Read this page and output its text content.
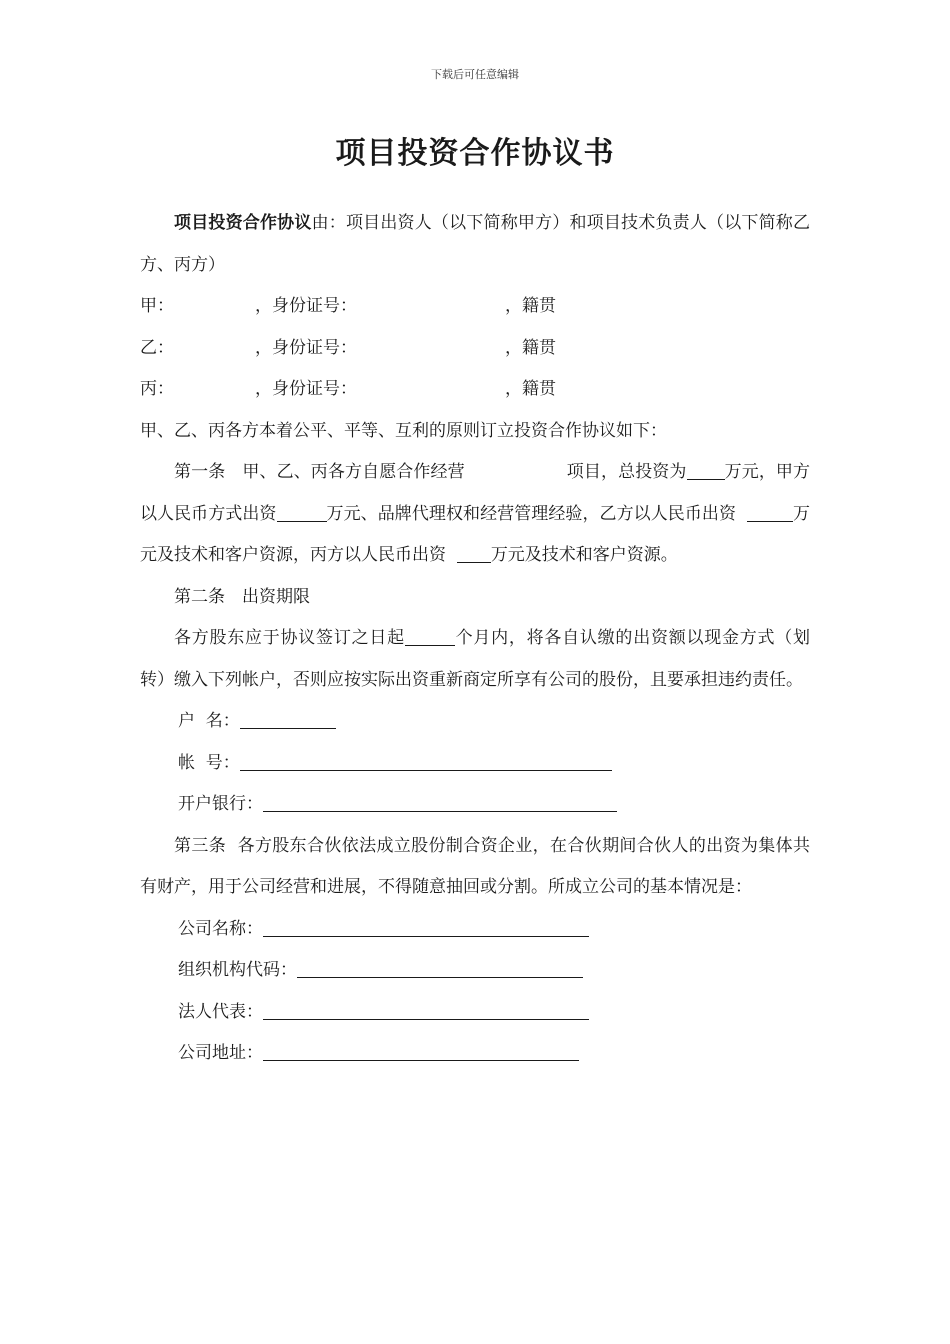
下载后可任意编辑
项目投资合作协议书

项目投资合作协议由：项目出资人（以下简称甲方）和项目技术负责人（以下简称乙方、丙方）

甲：	，身份证号：	，籍贯
乙：	，身份证号：	，籍贯
丙：	，身份证号：	，籍贯

甲、乙、丙各方本着公平、平等、互利的原则订立投资合作协议如下：

第一条　甲、乙、丙各方自愿合作经营	项目，总投资为 万元，甲方以人民币方式出资	万元、品牌代理权和经营管理经验，乙方以人民币出资	万元及技术和客户资源，丙方以人民币出资	万元及技术和客户资源。

第二条　出资期限

各方股东应于协议签订之日起	个月内，将各自认缴的出资额以现金方式（划转）缴入下列帐户，否则应按实际出资重新商定所享有公司的股份，且要承担违约责任。

户  名：
帐  号：
开户银行：

第三条  各方股东合伙依法成立股份制合资企业，在合伙期间合伙人的出资为集体共有财产，用于公司经营和进展，不得随意抽回或分割。所成立公司的基本情况是：

公司名称：
组织机构代码：
法人代表：
公司地址：
